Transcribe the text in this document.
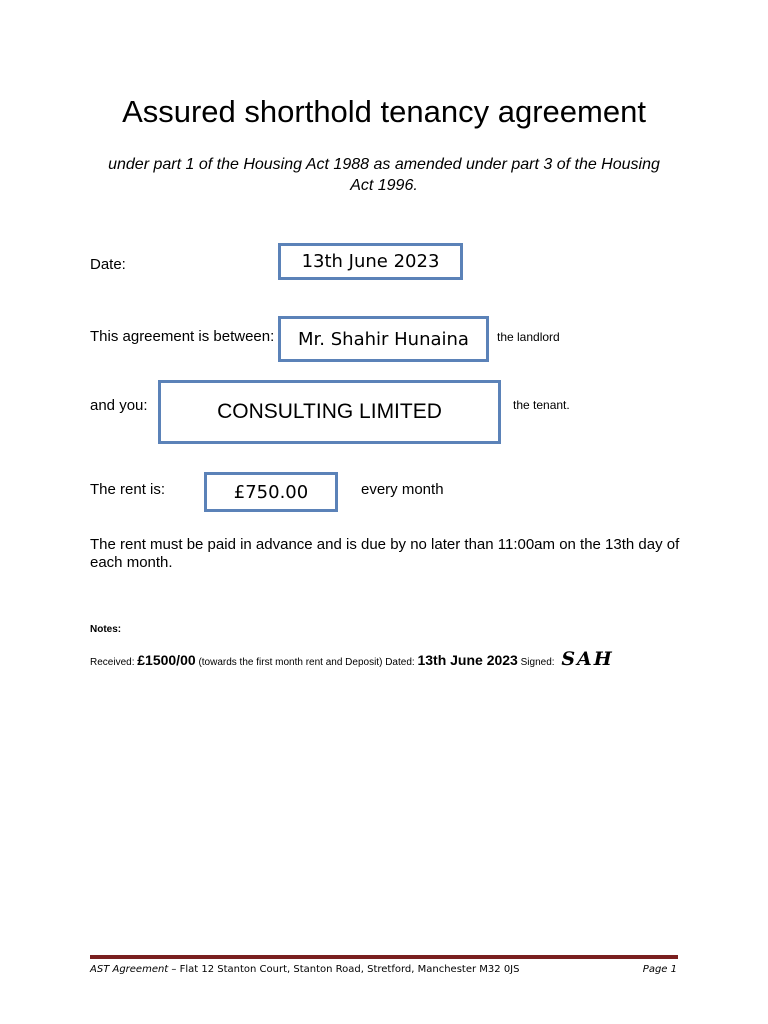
Assured shorthold tenancy agreement
under part 1 of the Housing Act 1988 as amended under part 3 of the Housing Act 1996.
Date:	13th June 2023
This agreement is between:	Mr. Shahir Hunaina	the landlord
and you:	CONSULTING LIMITED	the tenant.
The rent is:	£750.00	every month
The rent must be paid in advance and is due by no later than 11:00am on the 13th day of each month.
Notes:
Received: £1500/00 (towards the first month rent and Deposit) Dated: 13th June 2023 Signed: SAH
AST Agreement – Flat 12 Stanton Court, Stanton Road, Stretford, Manchester M32 0JS	Page 1
